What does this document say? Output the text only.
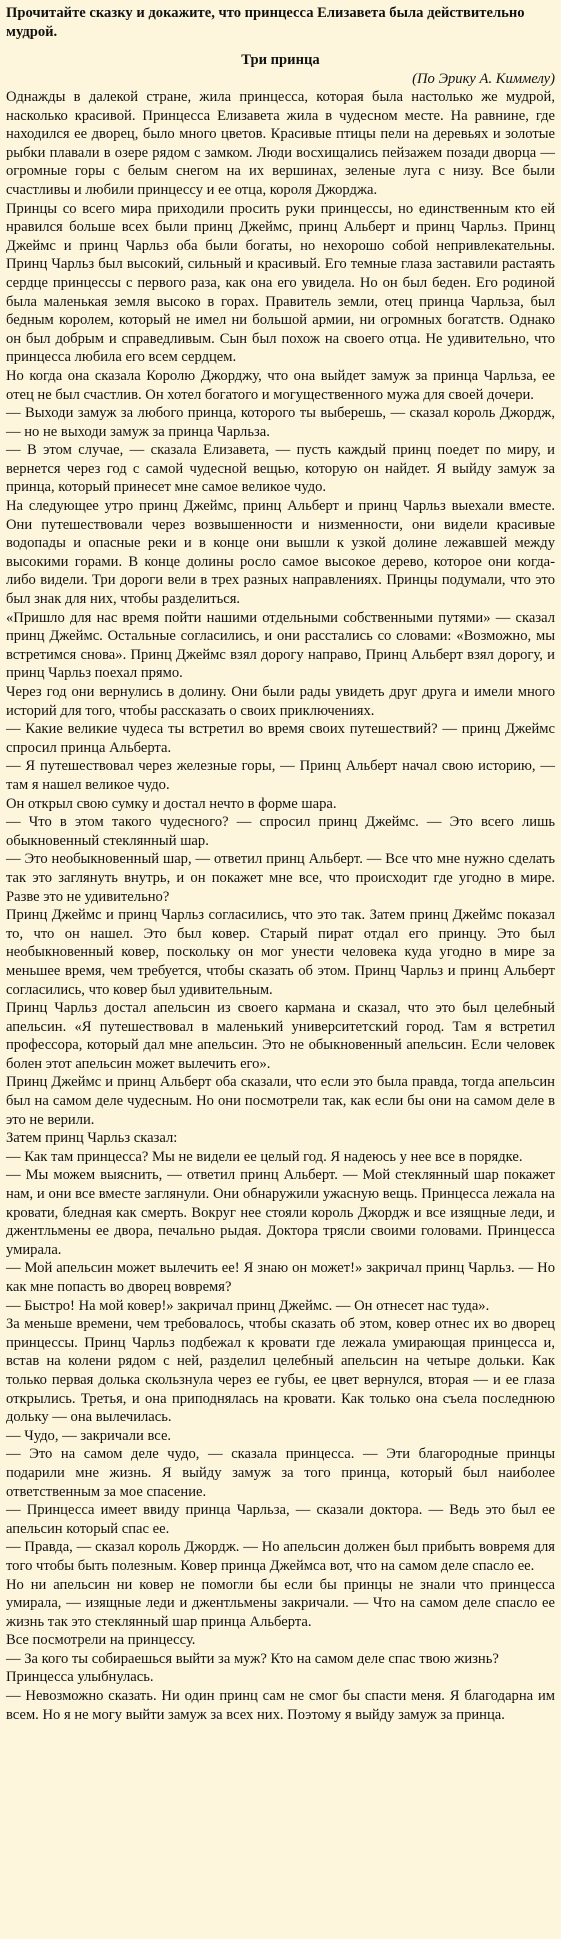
Прочитайте сказку и докажите, что принцесса Елизавета была действительно мудрой.

Три принца

(По Эрику А. Киммелу)

Однажды в далекой стране, жила принцесса, которая была настолько же мудрой, насколько красивой. Принцесса Елизавета жила в чудесном месте. На равнине, где находился ее дворец, было много цветов. Красивые птицы пели на деревьях и золотые рыбки плавали в озере рядом с замком. Люди восхищались пейзажем позади дворца — огромные горы с белым снегом на их вершинах, зеленые луга с низу. Все были счастливы и любили принцессу и ее отца, короля Джорджа.

Принцы со всего мира приходили просить руки принцессы, но единственным кто ей нравился больше всех были принц Джеймс, принц Альберт и принц Чарльз. Принц Джеймс и принц Чарльз оба были богаты, но нехорошо собой непривлекательны. Принц Чарльз был высокий, сильный и красивый. Его темные глаза заставили растаять сердце принцессы с первого раза, как она его увидела. Но он был беден. Его родиной была маленькая земля высоко в горах. Правитель земли, отец принца Чарльза, был бедным королем, который не имел ни большой армии, ни огромных богатств. Однако он был добрым и справедливым. Сын был похож на своего отца. Не удивительно, что принцесса любила его всем сердцем.

Но когда она сказала Королю Джорджу, что она выйдет замуж за принца Чарльза, ее отец не был счастлив. Он хотел богатого и могущественного мужа для своей дочери.

— Выходи замуж за любого принца, которого ты выберешь, — сказал король Джордж, — но не выходи замуж за принца Чарльза.

— В этом случае, — сказала Елизавета, — пусть каждый принц поедет по миру, и вернется через год с самой чудесной вещью, которую он найдет. Я выйду замуж за принца, который принесет мне самое великое чудо.

На следующее утро принц Джеймс, принц Альберт и принц Чарльз выехали вместе. Они путешествовали через возвышенности и низменности, они видели красивые водопады и опасные реки и в конце они вышли к узкой долине лежавшей между высокими горами. В конце долины росло самое высокое дерево, которое они когда-либо видели. Три дороги вели в трех разных направлениях. Принцы подумали, что это был знак для них, чтобы разделиться.

«Пришло для нас время пойти нашими отдельными собственными путями» — сказал принц Джеймс. Остальные согласились, и они расстались со словами: «Возможно, мы встретимся снова». Принц Джеймс взял дорогу направо, Принц Альберт взял дорогу, и принц Чарльз поехал прямо.

Через год они вернулись в долину. Они были рады увидеть друг друга и имели много историй для того, чтобы рассказать о своих приключениях.

— Какие великие чудеса ты встретил во время своих путешествий? — принц Джеймс спросил принца Альберта.

— Я путешествовал через железные горы, — Принц Альберт начал свою историю, — там я нашел великое чудо.

Он открыл свою сумку и достал нечто в форме шара.

— Что в этом такого чудесного? — спросил принц Джеймс. — Это всего лишь обыкновенный стеклянный шар.

— Это необыкновенный шар, — ответил принц Альберт. — Все что мне нужно сделать так это заглянуть внутрь, и он покажет мне все, что происходит где угодно в мире. Разве это не удивительно?

Принц Джеймс и принц Чарльз согласились, что это так. Затем принц Джеймс показал то, что он нашел. Это был ковер. Старый пират отдал его принцу. Это был необыкновенный ковер, поскольку он мог унести человека куда угодно в мире за меньшее время, чем требуется, чтобы сказать об этом. Принц Чарльз и принц Альберт согласились, что ковер был удивительным.

Принц Чарльз достал апельсин из своего кармана и сказал, что это был целебный апельсин. «Я путешествовал в маленький университетский город. Там я встретил профессора, который дал мне апельсин. Это не обыкновенный апельсин. Если человек болен этот апельсин может вылечить его».

Принц Джеймс и принц Альберт оба сказали, что если это была правда, тогда апельсин был на самом деле чудесным. Но они посмотрели так, как если бы они на самом деле в это не верили.

Затем принц Чарльз сказал:

— Как там принцесса? Мы не видели ее целый год. Я надеюсь у нее все в порядке.

— Мы можем выяснить, — ответил принц Альберт. — Мой стеклянный шар покажет нам, и они все вместе заглянули. Они обнаружили ужасную вещь. Принцесса лежала на кровати, бледная как смерть. Вокруг нее стояли король Джордж и все изящные леди, и джентльмены ее двора, печально рыдая. Доктора трясли своими головами. Принцесса умирала.

— Мой апельсин может вылечить ее! Я знаю он может!» закричал принц Чарльз. — Но как мне попасть во дворец вовремя?

— Быстро! На мой ковер!» закричал принц Джеймс. — Он отнесет нас туда».

За меньше времени, чем требовалось, чтобы сказать об этом, ковер отнес их во дворец принцессы. Принц Чарльз подбежал к кровати где лежала умирающая принцесса и, встав на колени рядом с ней, разделил целебный апельсин на четыре дольки. Как только первая долька скользнула через ее губы, ее цвет вернулся, вторая — и ее глаза открылись. Третья, и она приподнялась на кровати. Как только она съела последнюю дольку — она вылечилась.

— Чудо, — закричали все.

— Это на самом деле чудо, — сказала принцесса. — Эти благородные принцы подарили мне жизнь. Я выйду замуж за того принца, который был наиболее ответственным за мое спасение.

— Принцесса имеет ввиду принца Чарльза, — сказали доктора. — Ведь это был ее апельсин который спас ее.

— Правда, — сказал король Джордж. — Но апельсин должен был прибыть вовремя для того чтобы быть полезным. Ковер принца Джеймса вот, что на самом деле спасло ее.

Но ни апельсин ни ковер не помогли бы если бы принцы не знали что принцесса умирала, — изящные леди и джентльмены закричали. — Что на самом деле спасло ее жизнь так это стеклянный шар принца Альберта.

Все посмотрели на принцессу.

— За кого ты собираешься выйти за муж? Кто на самом деле спас твою жизнь?

Принцесса улыбнулась.

— Невозможно сказать. Ни один принц сам не смог бы спасти меня. Я благодарна им всем. Но я не могу выйти замуж за всех них. Поэтому я выйду замуж за принца.
